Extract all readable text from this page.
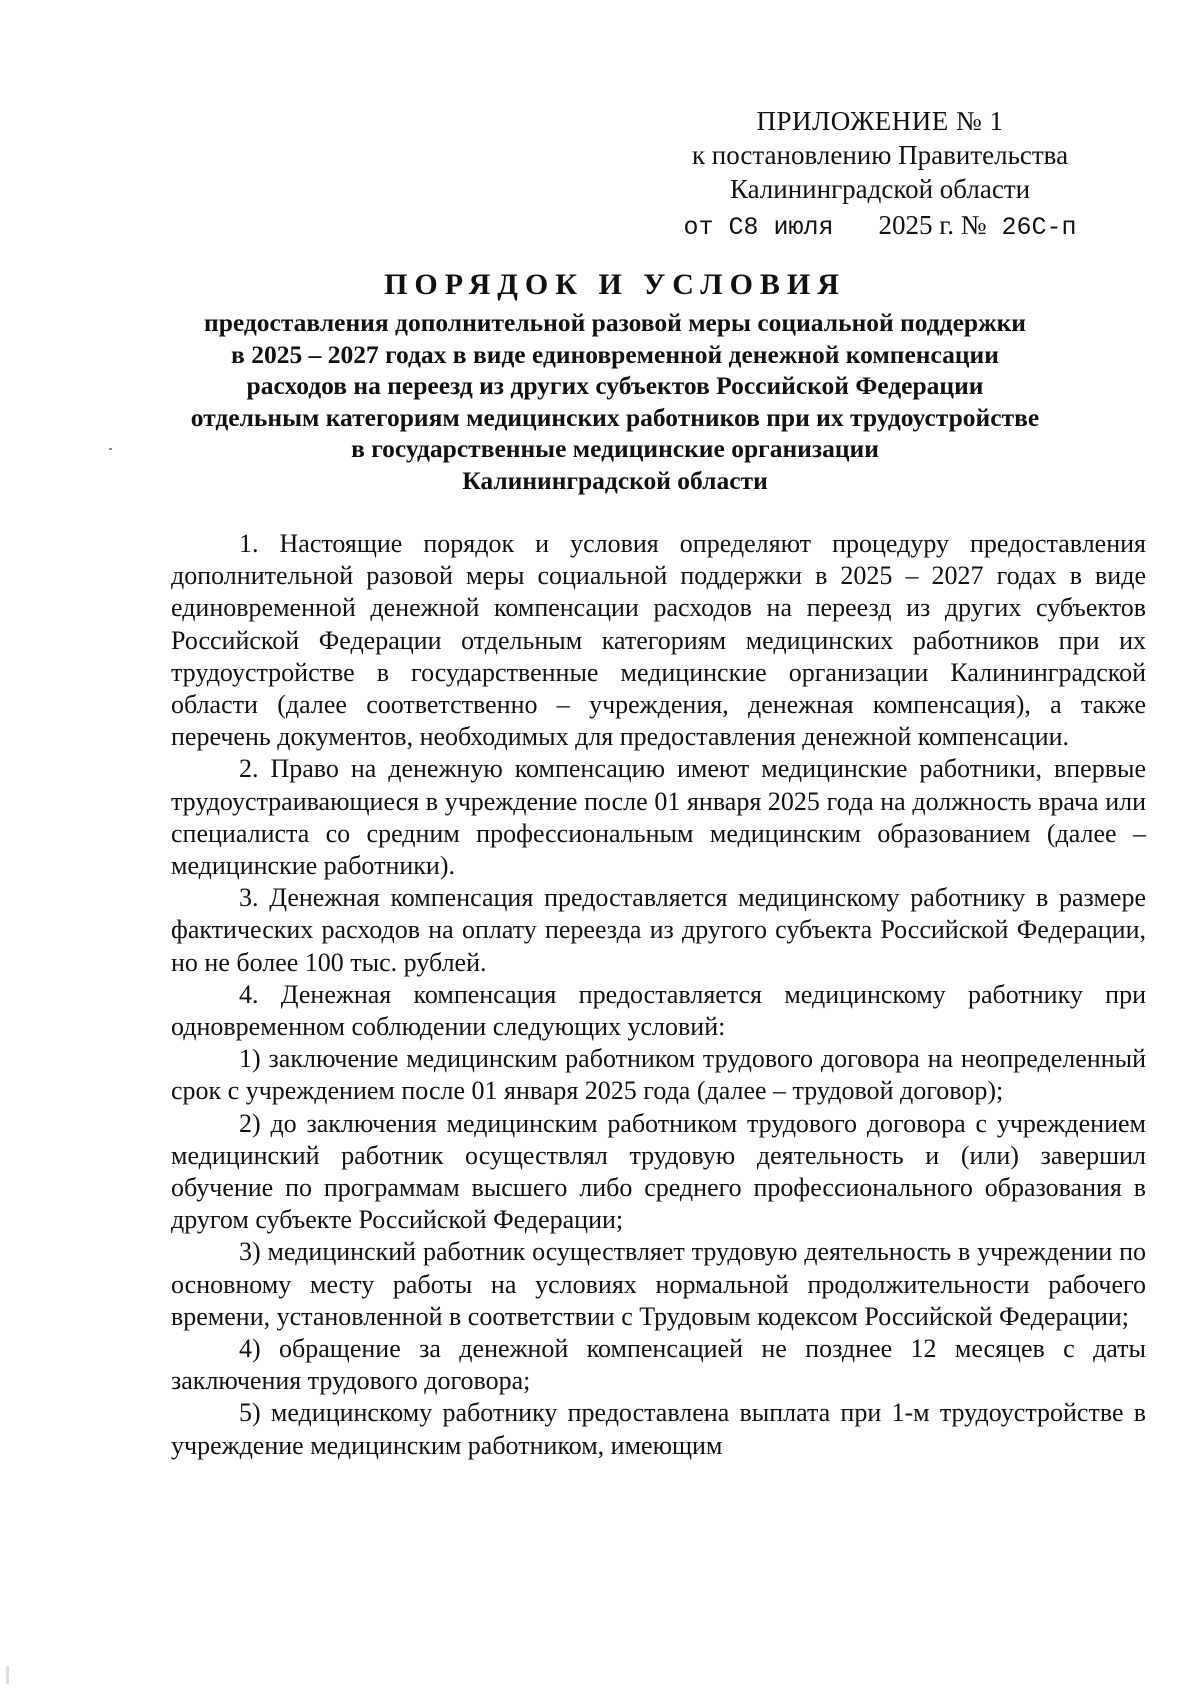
ПРИЛОЖЕНИЕ № 1
к постановлению Правительства
Калининградской области
от С8 июля 2025 г. № 26С-п
ПОРЯДОК И УСЛОВИЯ
предоставления дополнительной разовой меры социальной поддержки
в 2025 – 2027 годах в виде единовременной денежной компенсации
расходов на переезд из других субъектов Российской Федерации
отдельным категориям медицинских работников при их трудоустройстве
в государственные медицинские организации
Калининградской области

1. Настоящие порядок и условия определяют процедуру предоставления дополнительной разовой меры социальной поддержки в 2025 – 2027 годах в виде единовременной денежной компенсации расходов на переезд из других субъектов Российской Федерации отдельным категориям медицинских работников при их трудоустройстве в государственные медицинские организации Калининградской области (далее соответственно – учреждения, денежная компенсация), а также перечень документов, необходимых для предоставления денежной компенсации.

2. Право на денежную компенсацию имеют медицинские работники, впервые трудоустраивающиеся в учреждение после 01 января 2025 года на должность врача или специалиста со средним профессиональным медицинским образованием (далее – медицинские работники).

3. Денежная компенсация предоставляется медицинскому работнику в размере фактических расходов на оплату переезда из другого субъекта Российской Федерации, но не более 100 тыс. рублей.

4. Денежная компенсация предоставляется медицинскому работнику при одновременном соблюдении следующих условий:

1) заключение медицинским работником трудового договора на неопределенный срок с учреждением после 01 января 2025 года (далее – трудовой договор);

2) до заключения медицинским работником трудового договора с учреждением медицинский работник осуществлял трудовую деятельность и (или) завершил обучение по программам высшего либо среднего профессионального образования в другом субъекте Российской Федерации;

3) медицинский работник осуществляет трудовую деятельность в учреждении по основному месту работы на условиях нормальной продолжительности рабочего времени, установленной в соответствии с Трудовым кодексом Российской Федерации;

4) обращение за денежной компенсацией не позднее 12 месяцев с даты заключения трудового договора;

5) медицинскому работнику предоставлена выплата при 1-м трудоустройстве в учреждение медицинским работником, имеющим
